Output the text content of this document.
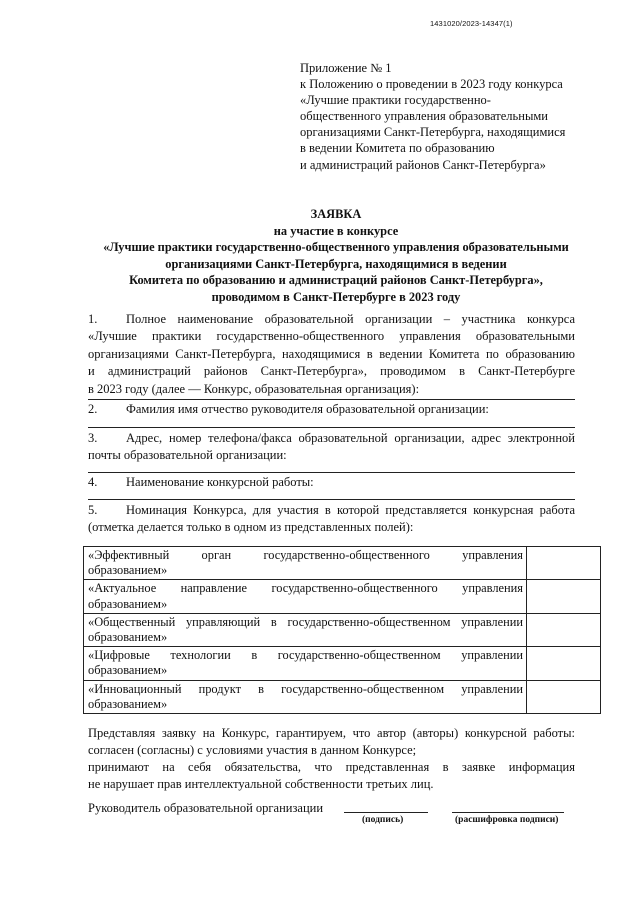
1431020/2023-14347(1)
Приложение № 1
к Положению о проведении в 2023 году конкурса
«Лучшие практики государственно-
общественного управления образовательными
организациями Санкт-Петербурга, находящимися
в ведении Комитета по образованию
и администраций районов Санкт-Петербурга»
ЗАЯВКА
на участие в конкурсе
«Лучшие практики государственно-общественного управления образовательными
организациями Санкт-Петербурга, находящимися в ведении
Комитета по образованию и администраций районов Санкт-Петербурга»,
проводимом в Санкт-Петербурге в 2023 году
1. Полное наименование образовательной организации – участника конкурса
«Лучшие практики государственно-общественного управления образовательными
организациями Санкт-Петербурга, находящимися в ведении Комитета по образованию
и администраций районов Санкт-Петербурга», проводимом в Санкт-Петербурге
в 2023 году (далее — Конкурс, образовательная организация):
2. Фамилия имя отчество руководителя образовательной организации:
3. Адрес, номер телефона/факса образовательной организации, адрес электронной
почты образовательной организации:
4. Наименование конкурсной работы:
5. Номинация Конкурса, для участия в которой представляется конкурсная работа
(отметка делается только в одном из представленных полей):
«Эффективный орган государственно-общественного управления
образованием»	

«Актуальное направление государственно-общественного управления
образованием»	

«Общественный управляющий в государственно-общественном управлении
образованием»	

«Цифровые технологии в государственно-общественном управлении
образованием»	

«Инновационный продукт в государственно-общественном управлении
образованием»	

Представляя заявку на Конкурс, гарантируем, что автор (авторы) конкурсной работы:
согласен (согласны) с условиями участия в данном Конкурсе;
принимают на себя обязательства, что представленная в заявке информация
не нарушает прав интеллектуальной собственности третьих лиц.
Руководитель образовательной организации
(подпись)	(расшифровка подписи)
